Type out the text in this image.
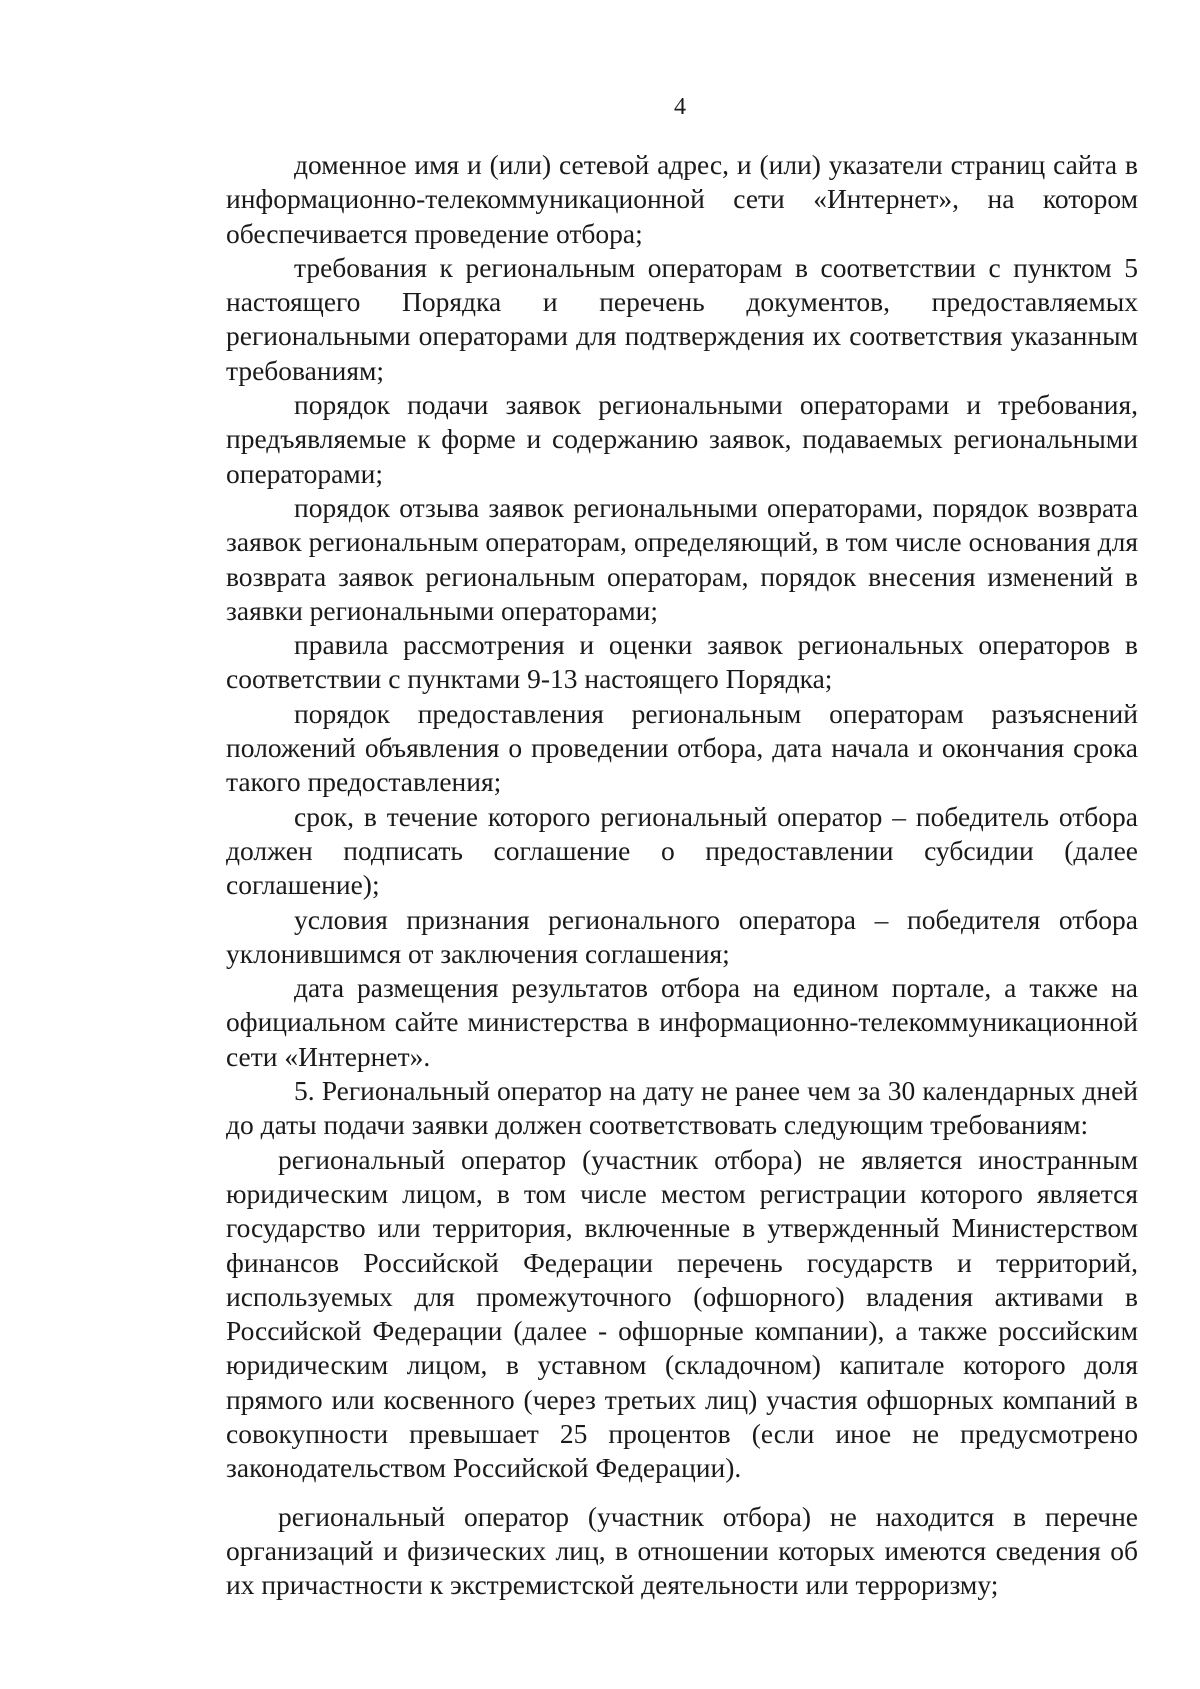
4

доменное имя и (или) сетевой адрес, и (или) указатели страниц сайта в информационно-телекоммуникационной сети «Интернет», на котором обеспечивается проведение отбора;

требования к региональным операторам в соответствии с пунктом 5 настоящего Порядка и перечень документов, предоставляемых региональными операторами для подтверждения их соответствия указанным требованиям;

порядок подачи заявок региональными операторами и требования, предъявляемые к форме и содержанию заявок, подаваемых региональными операторами;

порядок отзыва заявок региональными операторами, порядок возврата заявок региональным операторам, определяющий, в том числе основания для возврата заявок региональным операторам, порядок внесения изменений в заявки региональными операторами;

правила рассмотрения и оценки заявок региональных операторов в соответствии с пунктами 9-13 настоящего Порядка;

порядок предоставления региональным операторам разъяснений положений объявления о проведении отбора, дата начала и окончания срока такого предоставления;

срок, в течение которого региональный оператор – победитель отбора должен подписать соглашение о предоставлении субсидии (далее соглашение);

условия признания регионального оператора – победителя отбора уклонившимся от заключения соглашения;

дата размещения результатов отбора на едином портале, а также на официальном сайте министерства в информационно-телекоммуникационной сети «Интернет».

5. Региональный оператор на дату не ранее чем за 30 календарных дней до даты подачи заявки должен соответствовать следующим требованиям:

региональный оператор (участник отбора) не является иностранным юридическим лицом, в том числе местом регистрации которого является государство или территория, включенные в утвержденный Министерством финансов Российской Федерации перечень государств и территорий, используемых для промежуточного (офшорного) владения активами в Российской Федерации (далее - офшорные компании), а также российским юридическим лицом, в уставном (складочном) капитале которого доля прямого или косвенного (через третьих лиц) участия офшорных компаний в совокупности превышает 25 процентов (если иное не предусмотрено законодательством Российской Федерации).

региональный оператор (участник отбора) не находится в перечне организаций и физических лиц, в отношении которых имеются сведения об их причастности к экстремистской деятельности или терроризму;
